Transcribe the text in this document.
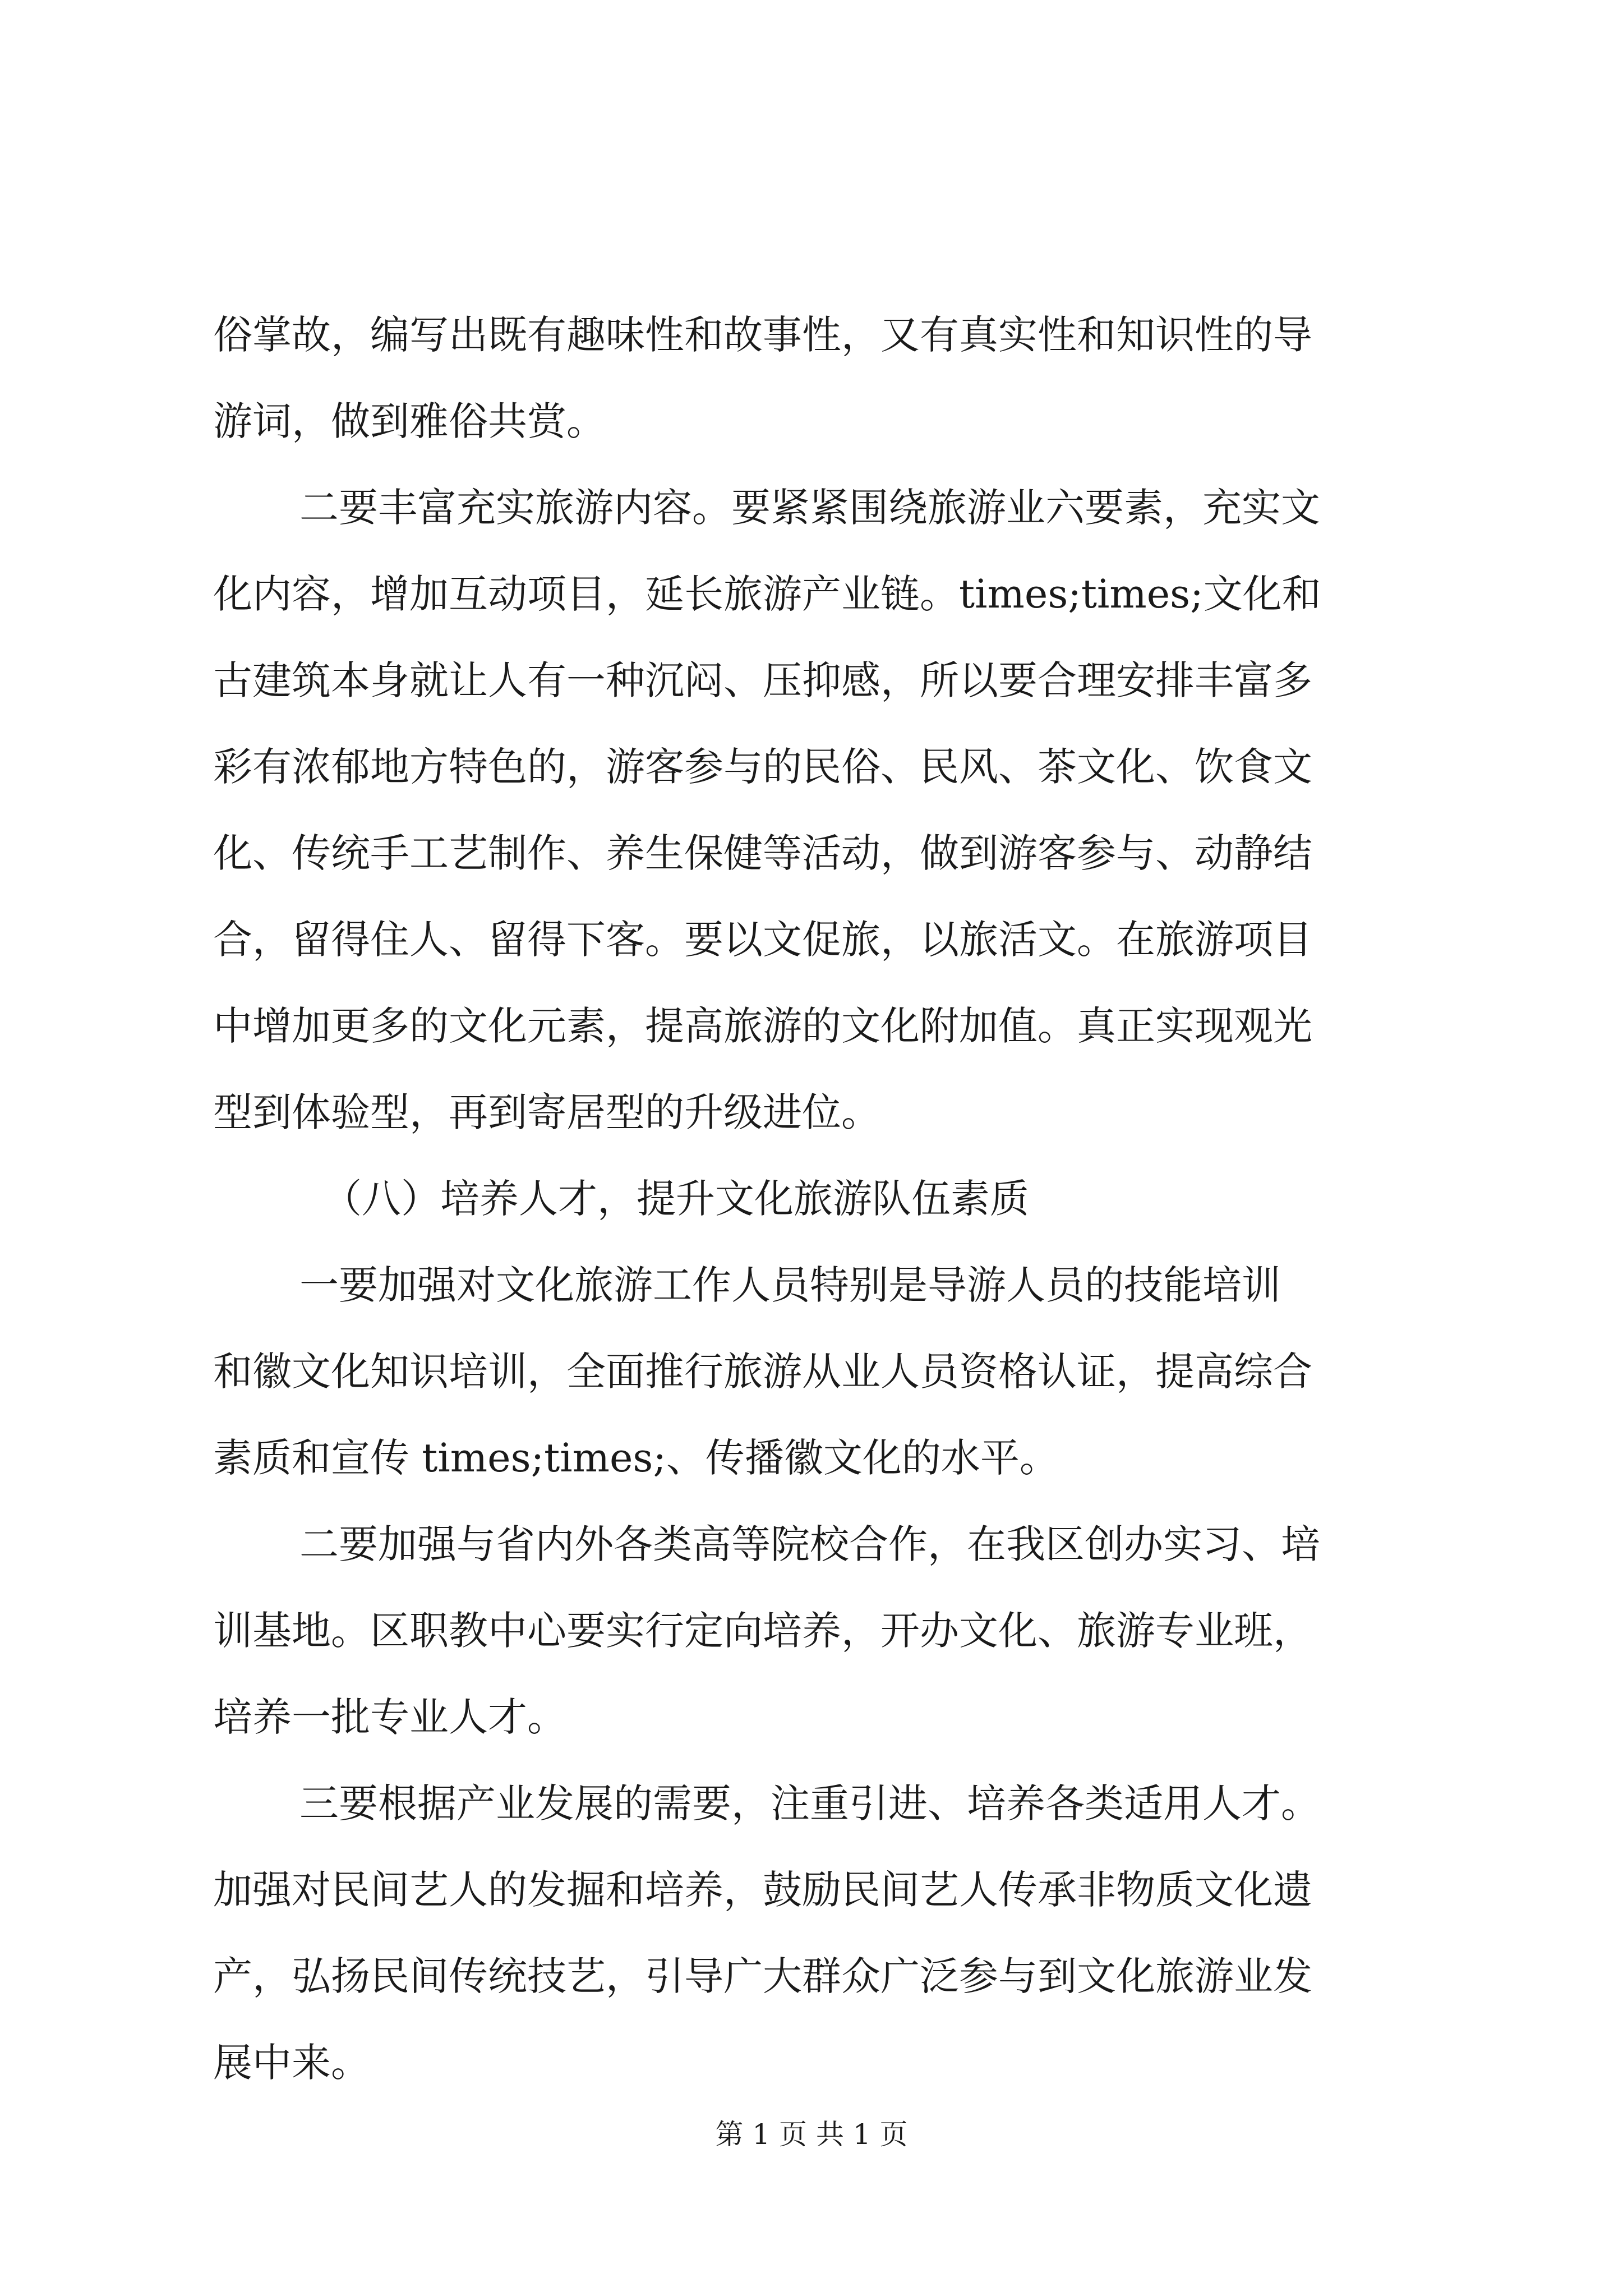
俗掌故，编写出既有趣味性和故事性，又有真实性和知识性的导
游词，做到雅俗共赏。
二要丰富充实旅游内容。要紧紧围绕旅游业六要素，充实文
化内容，增加互动项目，延长旅游产业链。times;times;文化和
古建筑本身就让人有一种沉闷、压抑感，所以要合理安排丰富多
彩有浓郁地方特色的，游客参与的民俗、民风、茶文化、饮食文
化、传统手工艺制作、养生保健等活动，做到游客参与、动静结
合，留得住人、留得下客。要以文促旅，以旅活文。在旅游项目
中增加更多的文化元素，提高旅游的文化附加值。真正实现观光
型到体验型，再到寄居型的升级进位。
（八）培养人才，提升文化旅游队伍素质
一要加强对文化旅游工作人员特别是导游人员的技能培训
和徽文化知识培训，全面推行旅游从业人员资格认证，提高综合
素质和宣传 times;times;、传播徽文化的水平。
二要加强与省内外各类高等院校合作，在我区创办实习、培
训基地。区职教中心要实行定向培养，开办文化、旅游专业班，
培养一批专业人才。
三要根据产业发展的需要，注重引进、培养各类适用人才。
加强对民间艺人的发掘和培养，鼓励民间艺人传承非物质文化遗
产，弘扬民间传统技艺，引导广大群众广泛参与到文化旅游业发
展中来。
第 1 页 共 1 页
